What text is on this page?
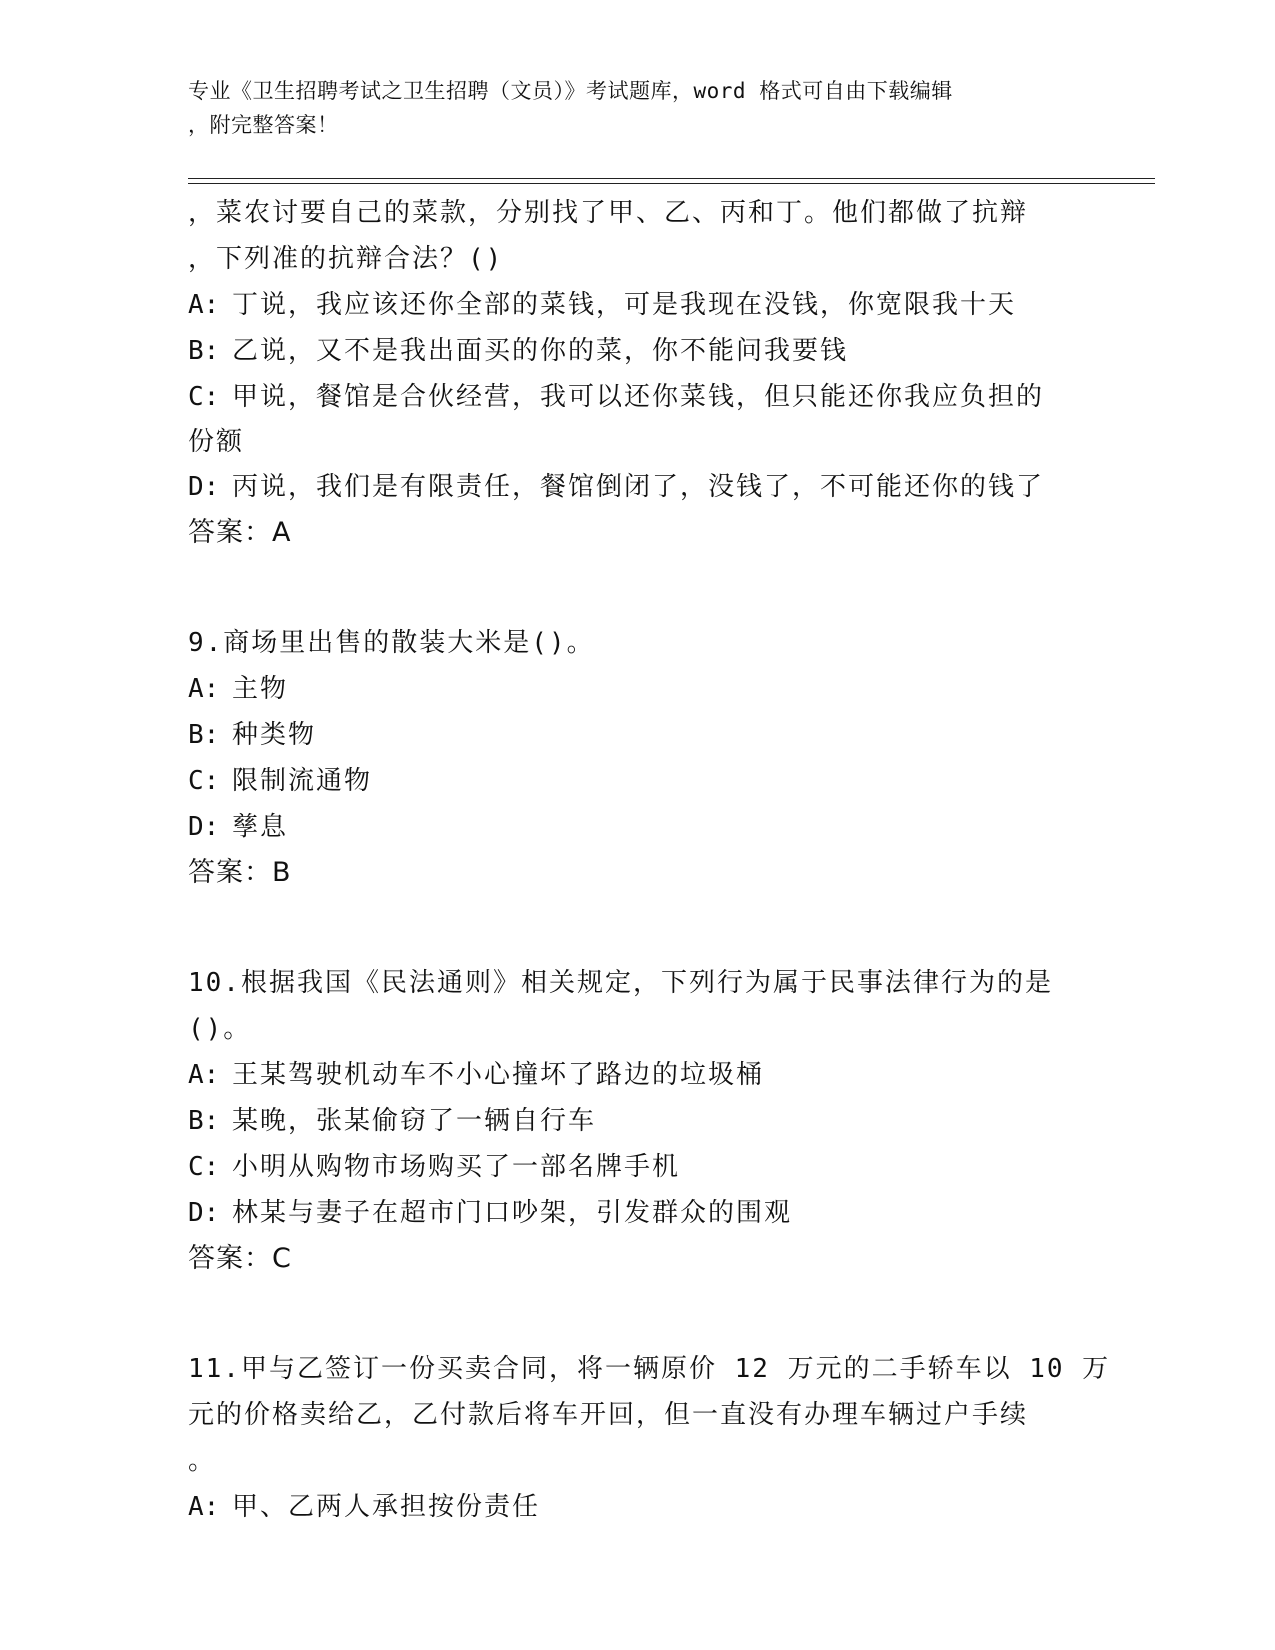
专业《卫生招聘考试之卫生招聘（文员）》考试题库，word 格式可自由下载编辑
，附完整答案！
，菜农讨要自己的菜款，分别找了甲、乙、丙和丁。他们都做了抗辩
，下列准的抗辩合法？()
A: 丁说，我应该还你全部的菜钱，可是我现在没钱，你宽限我十天
B: 乙说，又不是我出面买的你的菜，你不能问我要钱
C: 甲说，餐馆是合伙经营，我可以还你菜钱，但只能还你我应负担的
份额
D: 丙说，我们是有限责任，餐馆倒闭了，没钱了，不可能还你的钱了
答案：A
9.商场里出售的散装大米是()。
A: 主物
B: 种类物
C: 限制流通物
D: 孳息
答案：B
10.根据我国《民法通则》相关规定，下列行为属于民事法律行为的是
()。
A: 王某驾驶机动车不小心撞坏了路边的垃圾桶
B: 某晚，张某偷窃了一辆自行车
C: 小明从购物市场购买了一部名牌手机
D: 林某与妻子在超市门口吵架，引发群众的围观
答案：C
11.甲与乙签订一份买卖合同，将一辆原价 12 万元的二手轿车以 10 万
元的价格卖给乙，乙付款后将车开回，但一直没有办理车辆过户手续
。
A: 甲、乙两人承担按份责任
